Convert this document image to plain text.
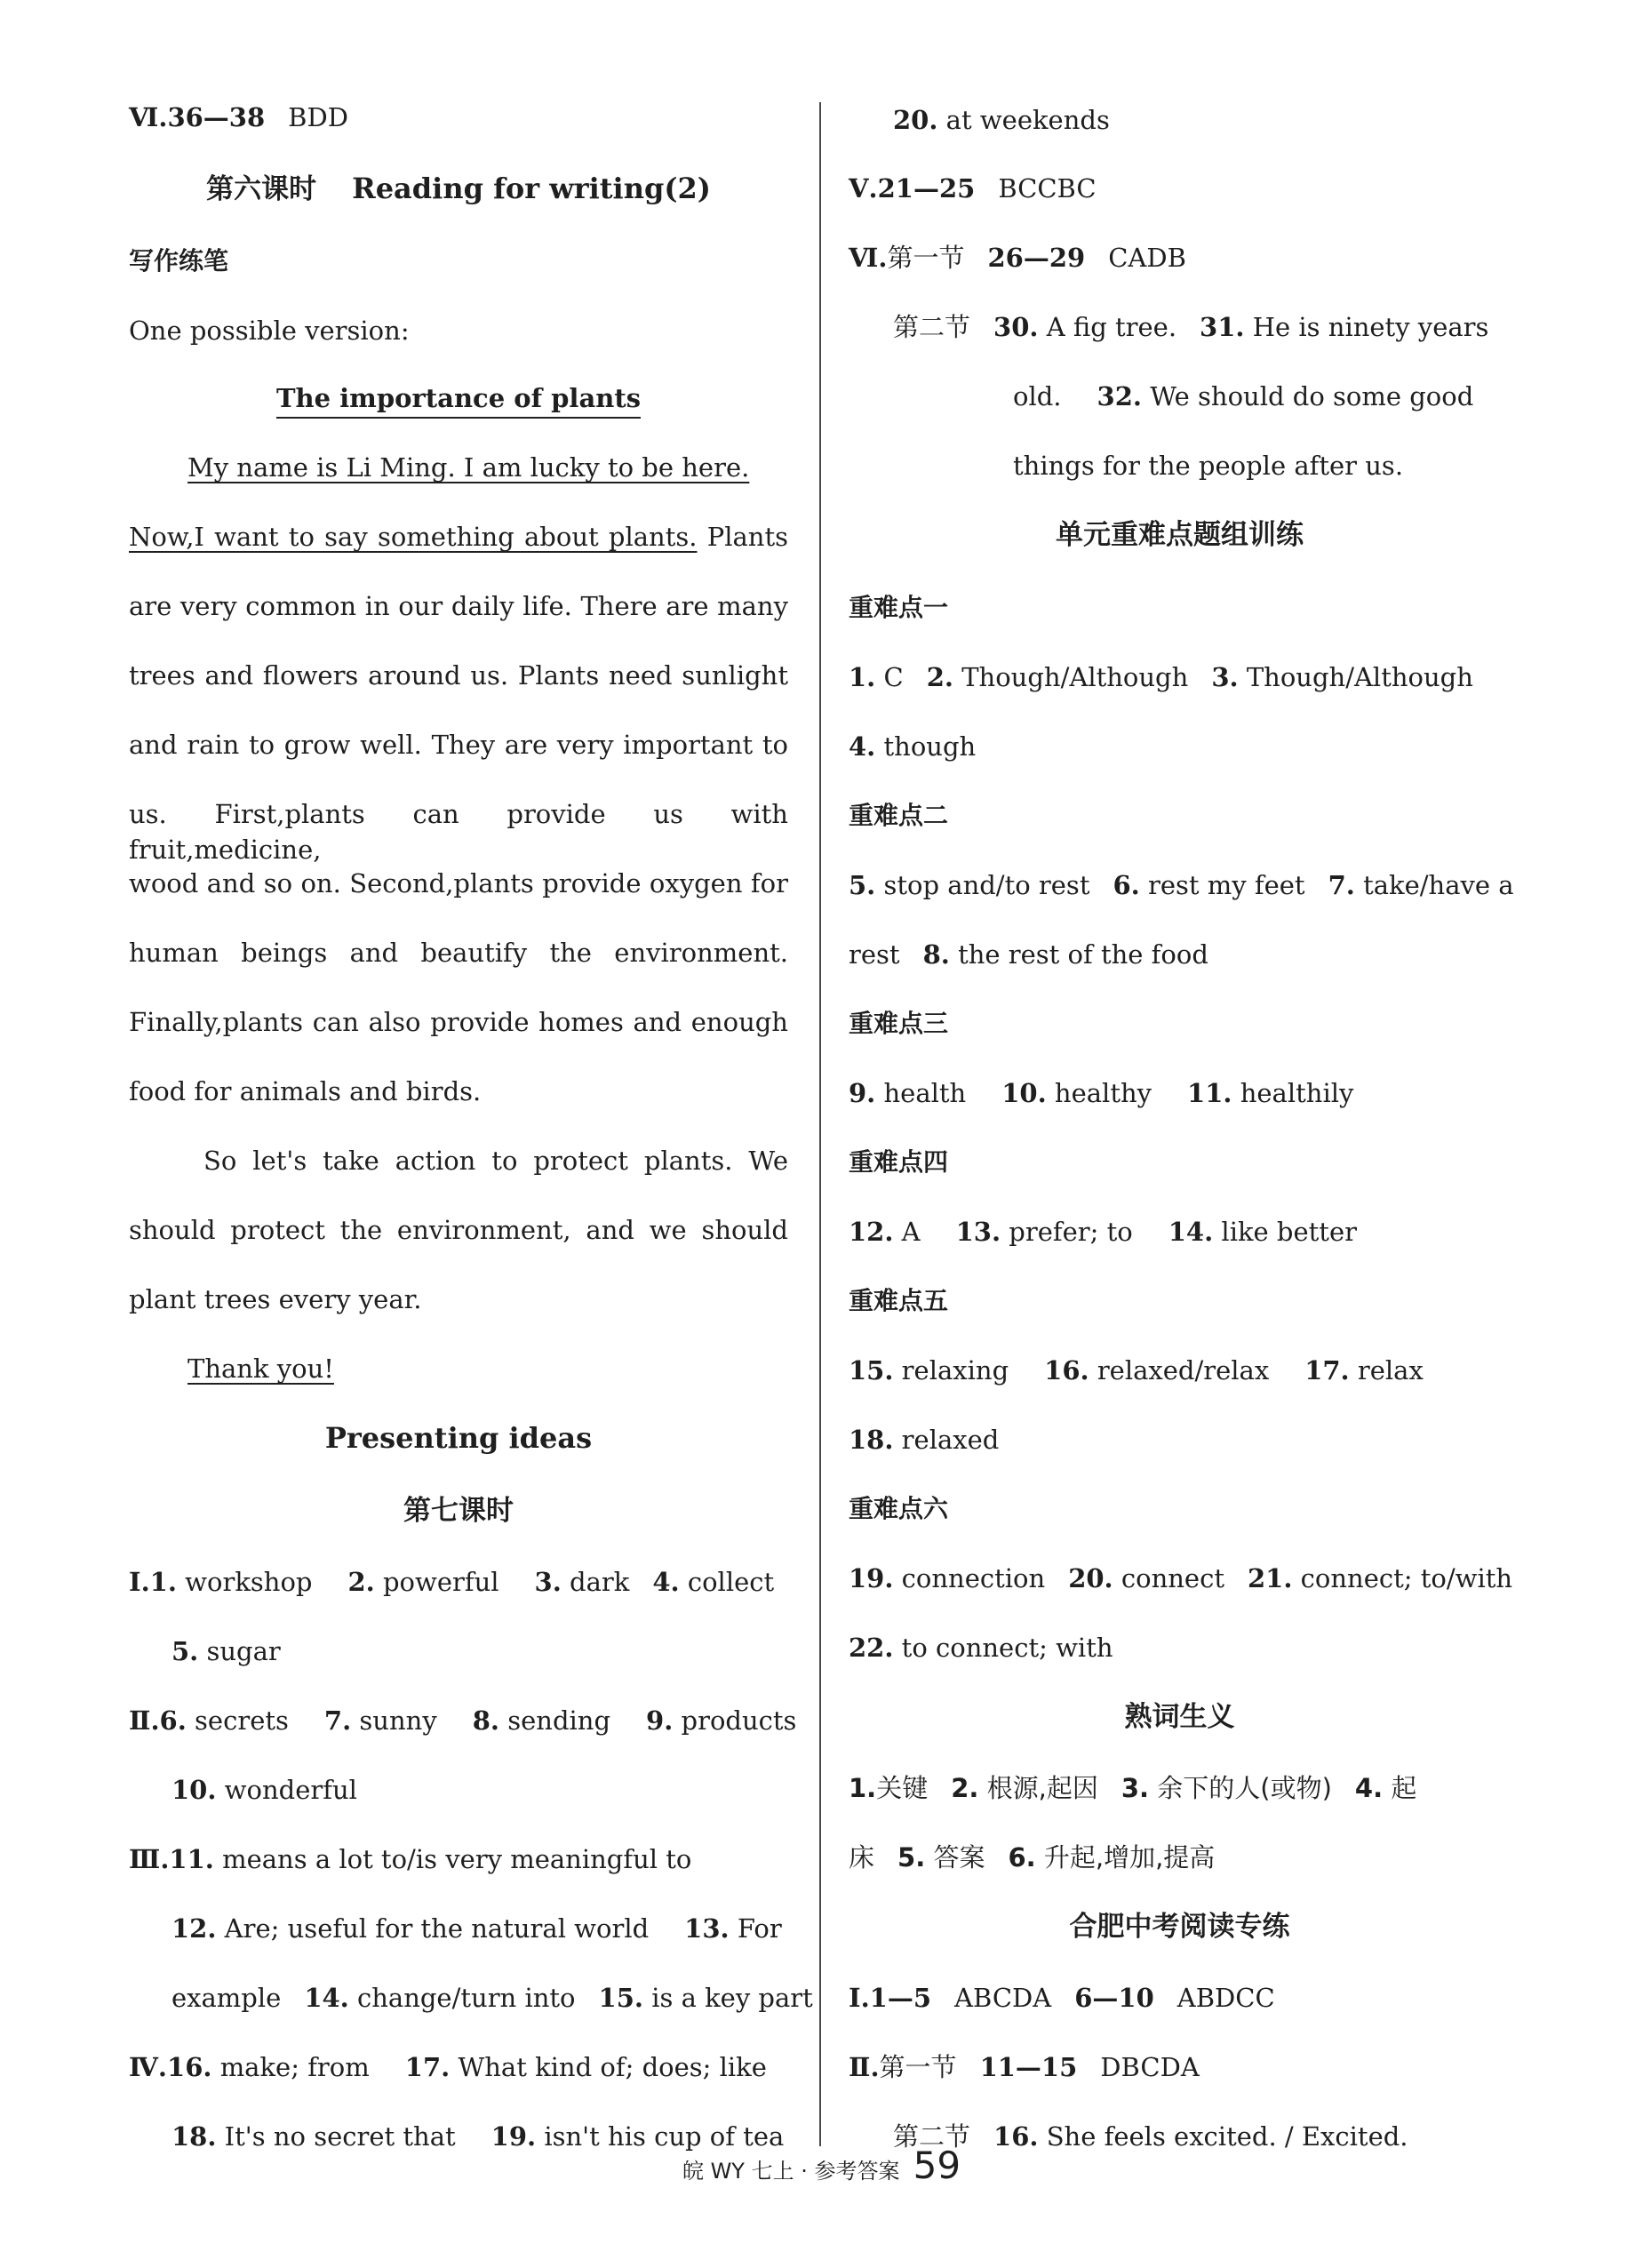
Ⅵ.36—38 BDD
第六课时 Reading for writing(2)
写作练笔
One possible version:
The importance of plants
My name is Li Ming. I am lucky to be here.
Now,I want to say something about plants. Plants
are very common in our daily life. There are many
trees and flowers around us. Plants need sunlight
and rain to grow well. They are very important to
us. First,plants can provide us with fruit,medicine,
wood and so on. Second,plants provide oxygen for
human beings and beautify the environment.
Finally,plants can also provide homes and enough
food for animals and birds.
So let's take action to protect plants. We
should protect the environment, and we should
plant trees every year.
Thank you!
Presenting ideas
第七课时
Ⅰ.1. workshop 2. powerful 3. dark 4. collect
5. sugar
Ⅱ.6. secrets 7. sunny 8. sending 9. products
10. wonderful
Ⅲ.11. means a lot to/is very meaningful to
12. Are; useful for the natural world 13. For
example 14. change/turn into 15. is a key part
Ⅳ.16. make; from 17. What kind of; does; like
18. It's no secret that 19. isn't his cup of tea
20. at weekends
Ⅴ.21—25 BCCBC
Ⅵ.第一节 26—29 CADB
第二节 30. A fig tree. 31. He is ninety years
old. 32. We should do some good
things for the people after us.
单元重难点题组训练
重难点一
1. C 2. Though/Although 3. Though/Although
4. though
重难点二
5. stop and/to rest 6. rest my feet 7. take/have a
rest 8. the rest of the food
重难点三
9. health 10. healthy 11. healthily
重难点四
12. A 13. prefer; to 14. like better
重难点五
15. relaxing 16. relaxed/relax 17. relax
18. relaxed
重难点六
19. connection 20. connect 21. connect; to/with
22. to connect; with
熟词生义
1.关键 2. 根源,起因 3. 余下的人(或物) 4. 起
床 5. 答案 6. 升起,增加,提高
合肥中考阅读专练
Ⅰ.1—5 ABCDA 6—10 ABDCC
Ⅱ.第一节 11—15 DBCDA
第二节 16. She feels excited. / Excited.
皖 WY 七上 · 参考答案 59
